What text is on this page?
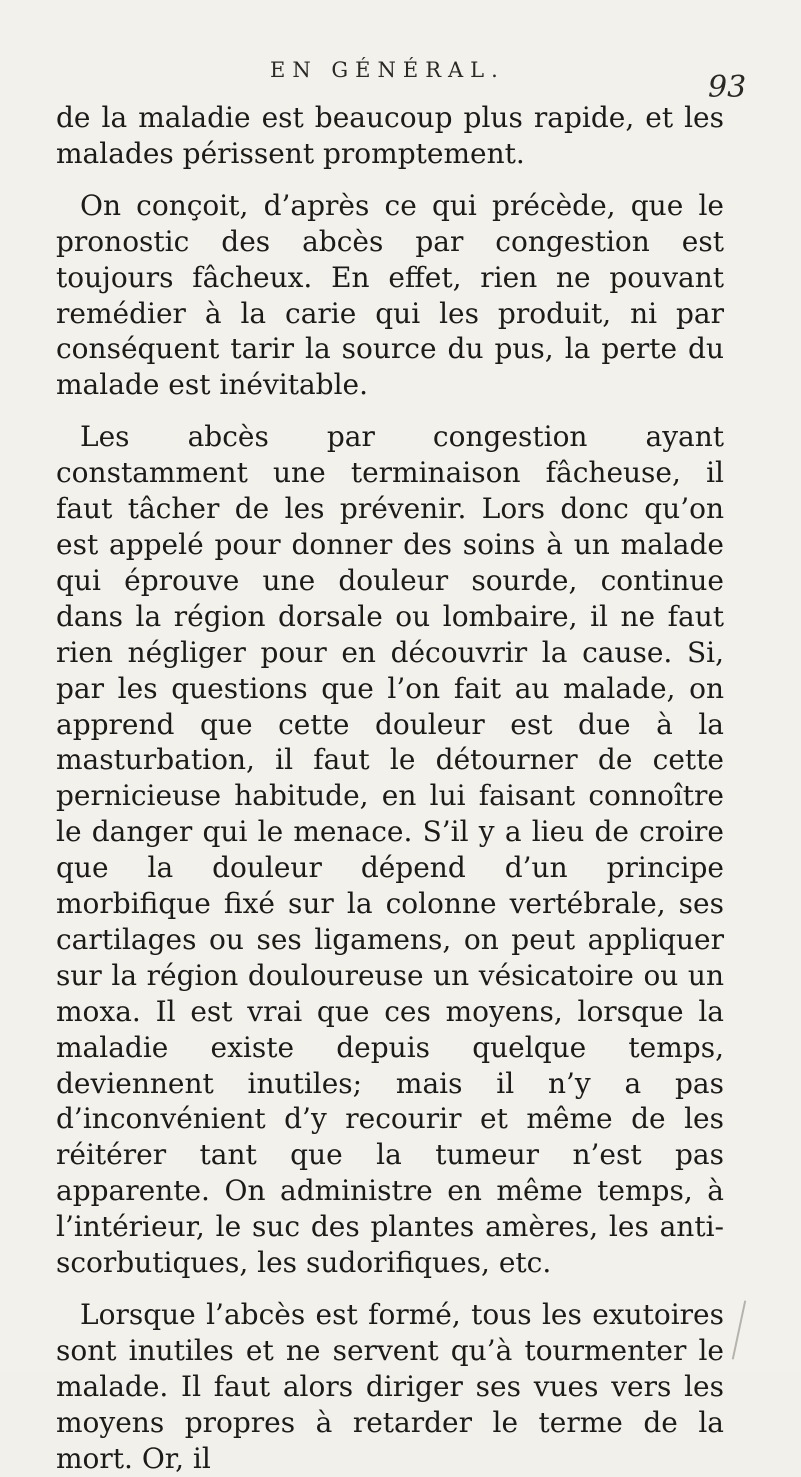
EN GÉNÉRAL.	93

de la maladie est beaucoup plus rapide, et les malades périssent promptement.

On conçoit, d’après ce qui précède, que le pronostic des abcès par congestion est toujours fâcheux. En effet, rien ne pouvant remédier à la carie qui les produit, ni par conséquent tarir la source du pus, la perte du malade est inévitable.

Les abcès par congestion ayant constamment une terminaison fâcheuse, il faut tâcher de les prévenir. Lors donc qu’on est appelé pour donner des soins à un malade qui éprouve une douleur sourde, continue dans la région dorsale ou lombaire, il ne faut rien négliger pour en découvrir la cause. Si, par les questions que l’on fait au malade, on apprend que cette douleur est due à la masturbation, il faut le détourner de cette pernicieuse habitude, en lui faisant connoître le danger qui le menace. S’il y a lieu de croire que la douleur dépend d’un principe morbifique fixé sur la colonne vertébrale, ses cartilages ou ses ligamens, on peut appliquer sur la région douloureuse un vésicatoire ou un moxa. Il est vrai que ces moyens, lorsque la maladie existe depuis quelque temps, deviennent inutiles; mais il n’y a pas d’inconvénient d’y recourir et même de les réitérer tant que la tumeur n’est pas apparente. On administre en même temps, à l’intérieur, le suc des plantes amères, les anti-scorbutiques, les sudorifiques, etc.

Lorsque l’abcès est formé, tous les exutoires sont inutiles et ne servent qu’à tourmenter le malade. Il faut alors diriger ses vues vers les moyens propres à retarder le terme de la mort. Or, il
